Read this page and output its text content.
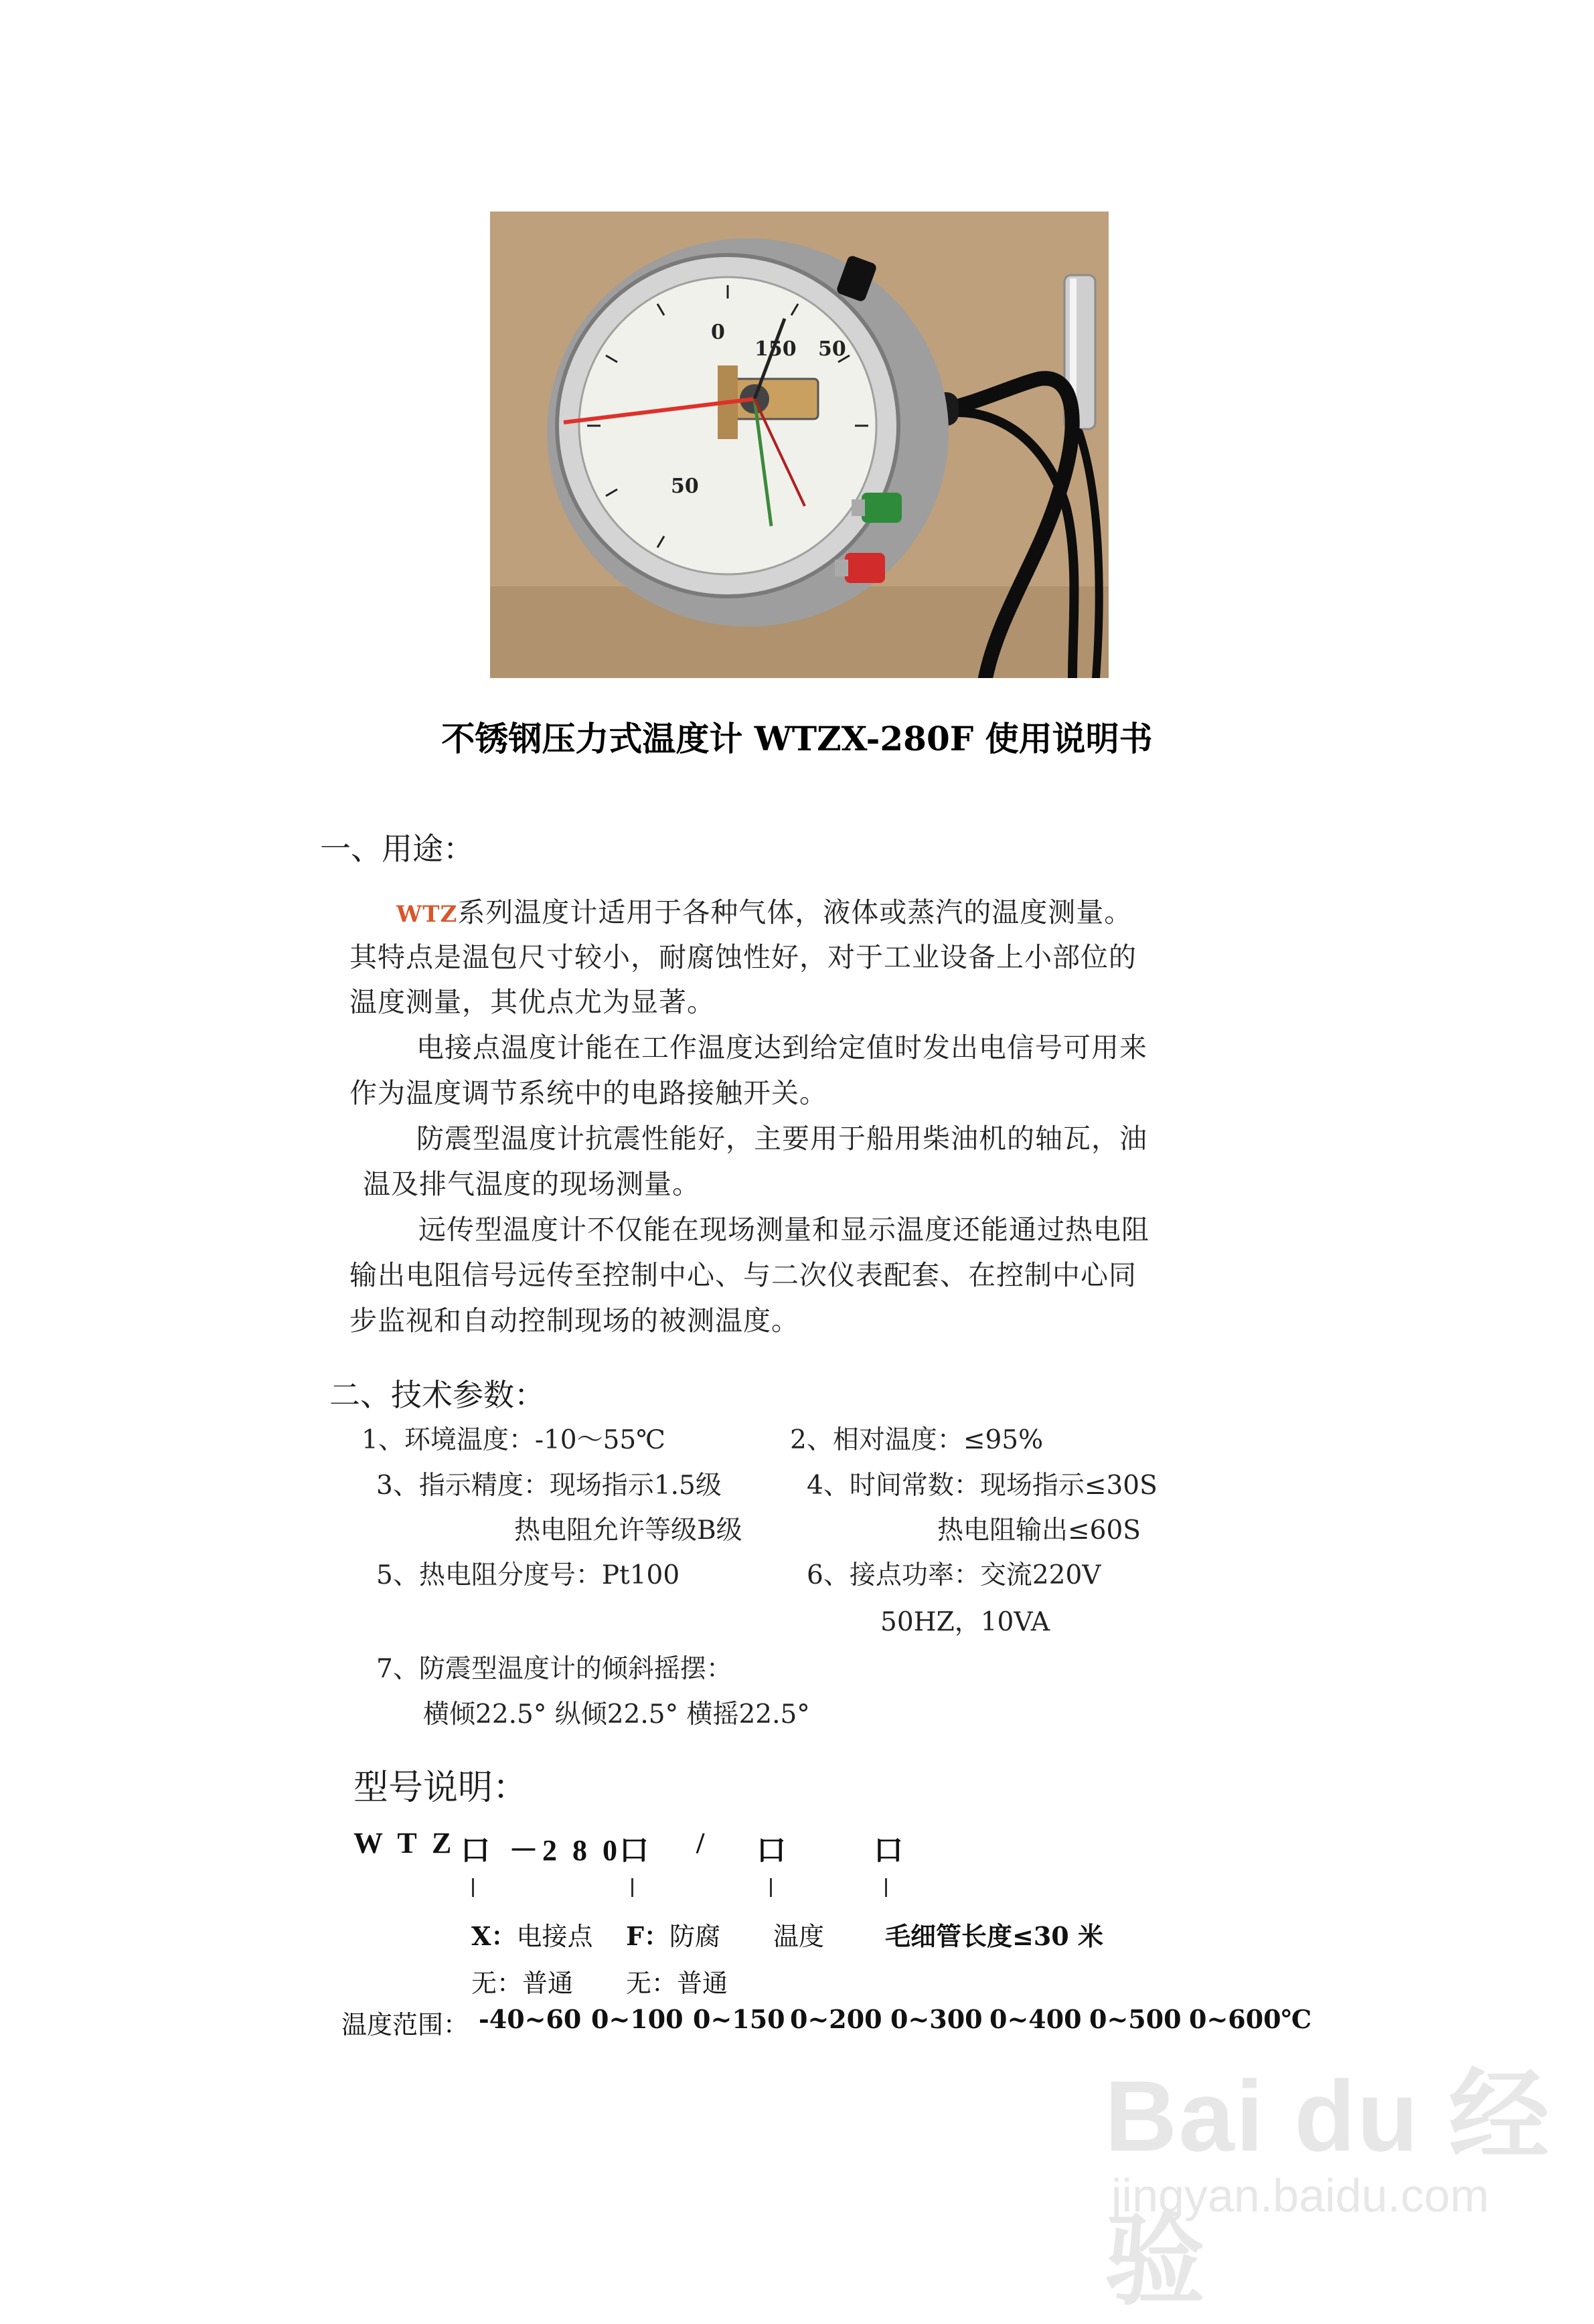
0
50
150 50
不锈钢压力式温度计 WTZX-280F 使用说明书
一、用途：
WTZ系列温度计适用于各种气体，液体或蒸汽的温度测量。
其特点是温包尺寸较小，耐腐蚀性好，对于工业设备上小部位的
温度测量，其优点尤为显著。
电接点温度计能在工作温度达到给定值时发出电信号可用来
作为温度调节系统中的电路接触开关。
防震型温度计抗震性能好，主要用于船用柴油机的轴瓦，油
温及排气温度的现场测量。
远传型温度计不仅能在现场测量和显示温度还能通过热电阻
输出电阻信号远传至控制中心、与二次仪表配套、在控制中心同
步监视和自动控制现场的被测温度。
二、技术参数：
1、环境温度：-10～55℃	2、相对温度：≤95%
3、指示精度：现场指示1.5级	4、时间常数：现场指示≤30S
热电阻允许等级B级	热电阻输出≤60S
5、热电阻分度号：Pt100	6、接点功率：交流220V
50HZ，10VA
7、防震型温度计的倾斜摇摆：
横倾22.5° 纵倾22.5° 横摇22.5°
型号说明：
W T Z 口 －2 8 0
口 / 口	口
X：电接点 F：防腐 温度 毛细管长度≤30 米
无：普通 无：普通
温度范围： -40~60 0~100 0~150 0~200 0~300 0~400 0~500 0~600℃
Bai du 经验
jingyan.baidu.com
